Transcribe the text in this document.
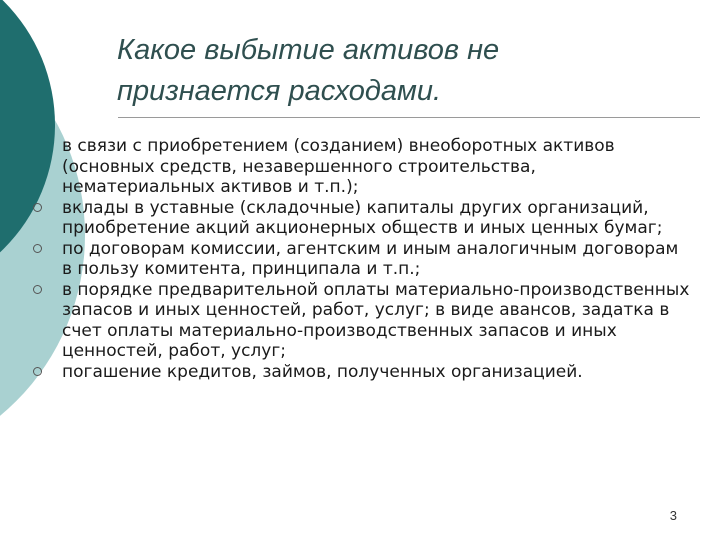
Какое выбытие активов не
признается расходами.
в связи с приобретением (созданием) внеоборотных активов (основных средств, незавершенного строительства, нематериальных активов и т.п.);
вклады в уставные (складочные) капиталы других организаций, приобретение акций акционерных обществ и иных ценных бумаг;
по договорам комиссии, агентским и иным аналогичным договорам в пользу комитента, принципала и т.п.;
в порядке предварительной оплаты материально-производственных запасов и иных ценностей, работ, услуг; в виде авансов, задатка в счет оплаты материально-производственных запасов и иных ценностей, работ, услуг;
погашение кредитов, займов, полученных организацией.
3
